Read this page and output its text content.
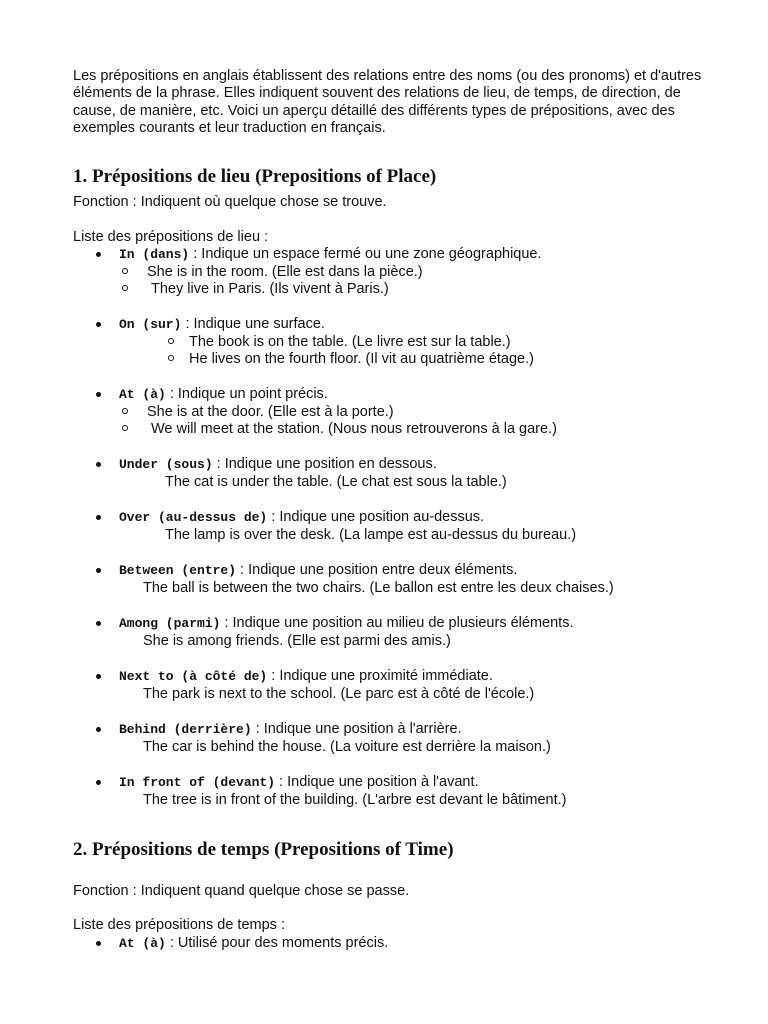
Les prépositions en anglais établissent des relations entre des noms (ou des pronoms) et d'autres éléments de la phrase. Elles indiquent souvent des relations de lieu, de temps, de direction, de cause, de manière, etc. Voici un aperçu détaillé des différents types de prépositions, avec des exemples courants et leur traduction en français.

1. Prépositions de lieu (Prepositions of Place)

Fonction : Indiquent où quelque chose se trouve.

Liste des prépositions de lieu :

In (dans) : Indique un espace fermé ou une zone géographique.

She is in the room. (Elle est dans la pièce.)

They live in Paris. (Ils vivent à Paris.)

On (sur) : Indique une surface.

The book is on the table. (Le livre est sur la table.)

He lives on the fourth floor. (Il vit au quatrième étage.)

At (à) : Indique un point précis.

She is at the door. (Elle est à la porte.)

We will meet at the station. (Nous nous retrouverons à la gare.)

Under (sous) : Indique une position en dessous.

The cat is under the table. (Le chat est sous la table.)

Over (au-dessus de) : Indique une position au-dessus.

The lamp is over the desk. (La lampe est au-dessus du bureau.)

Between (entre) : Indique une position entre deux éléments.

The ball is between the two chairs. (Le ballon est entre les deux chaises.)

Among (parmi) : Indique une position au milieu de plusieurs éléments.

She is among friends. (Elle est parmi des amis.)

Next to (à côté de) : Indique une proximité immédiate.

The park is next to the school. (Le parc est à côté de l'école.)

Behind (derrière) : Indique une position à l'arrière.

The car is behind the house. (La voiture est derrière la maison.)

In front of (devant) : Indique une position à l'avant.

The tree is in front of the building. (L'arbre est devant le bâtiment.)

2. Prépositions de temps (Prepositions of Time)

Fonction : Indiquent quand quelque chose se passe.

Liste des prépositions de temps :

At (à) : Utilisé pour des moments précis.
